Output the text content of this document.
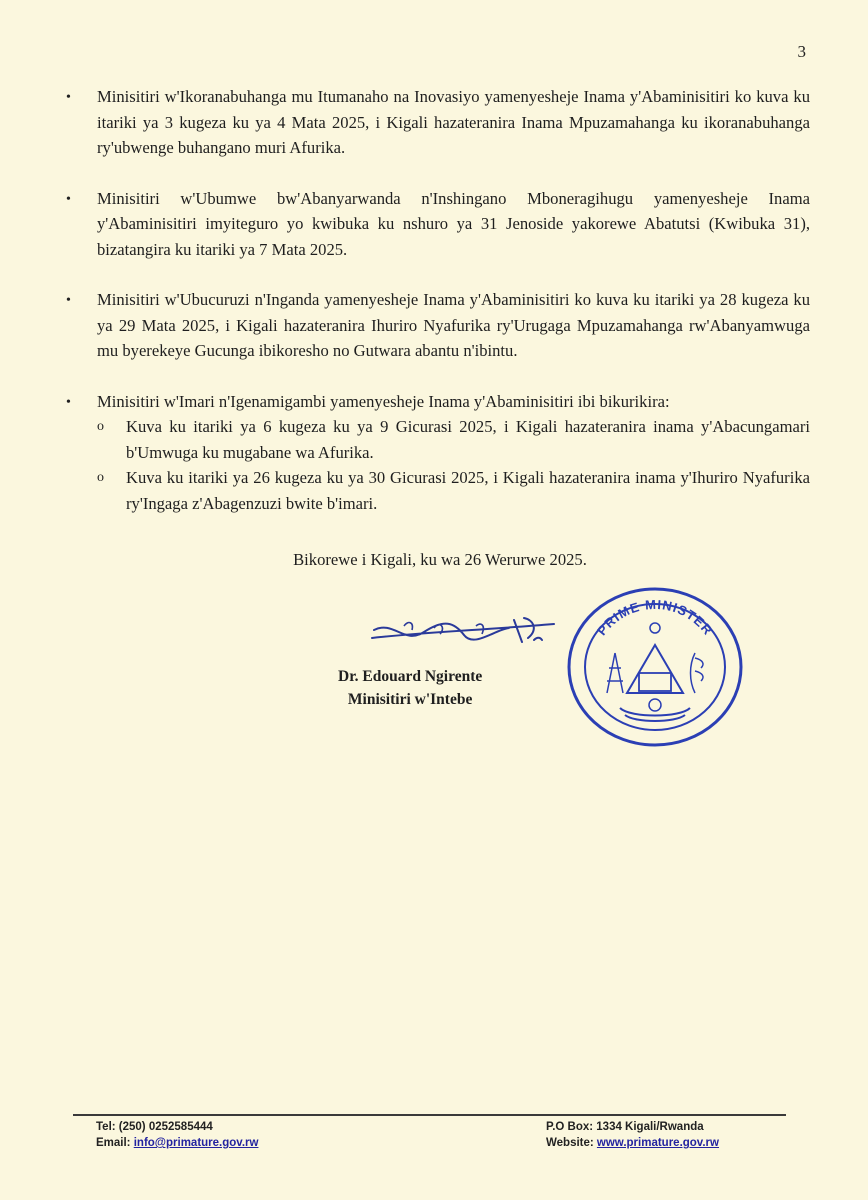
3
• Minisitiri w'Ikoranabuhanga mu Itumanaho na Inovasiyo yamenyesheje Inama y'Abaminisitiri ko kuva ku itariki ya 3 kugeza ku ya 4 Mata 2025, i Kigali hazateranira Inama Mpuzamahanga ku ikoranabuhanga ry'ubwenge buhangano muri Afurika.
• Minisitiri w'Ubumwe bw'Abanyarwanda n'Inshingano Mboneragihugu yamenyesheje Inama y'Abaminisitiri imyiteguro yo kwibuka ku nshuro ya 31 Jenoside yakorewe Abatutsi (Kwibuka 31), bizatangira ku itariki ya 7 Mata 2025.
• Minisitiri w'Ubucuruzi n'Inganda yamenyesheje Inama y'Abaminisitiri ko kuva ku itariki ya 28 kugeza ku ya 29 Mata 2025, i Kigali hazateranira Ihuriro Nyafurika ry'Urugaga Mpuzamahanga rw'Abanyamwuga mu byerekeye Gucunga ibikoresho no Gutwara abantu n'ibintu.
• Minisitiri w'Imari n'Igenamigambi yamenyesheje Inama y'Abaminisitiri ibi bikurikira:
o Kuva ku itariki ya 6 kugeza ku ya 9 Gicurasi 2025, i Kigali hazateranira inama y'Abacungamari b'Umwuga ku mugabane wa Afurika.
o Kuva ku itariki ya 26 kugeza ku ya 30 Gicurasi 2025, i Kigali hazateranira inama y'Ihuriro Nyafurika ry'Ingaga z'Abagenzuzi bwite b'imari.
Bikorewe i Kigali, ku wa 26 Werurwe 2025.
Dr. Edouard Ngirente
Minisitiri w'Intebe
PRIME MINISTER
Tel: (250) 0252585444
Email: info@primature.gov.rw
P.O Box: 1334 Kigali/Rwanda
Website: www.primature.gov.rw
